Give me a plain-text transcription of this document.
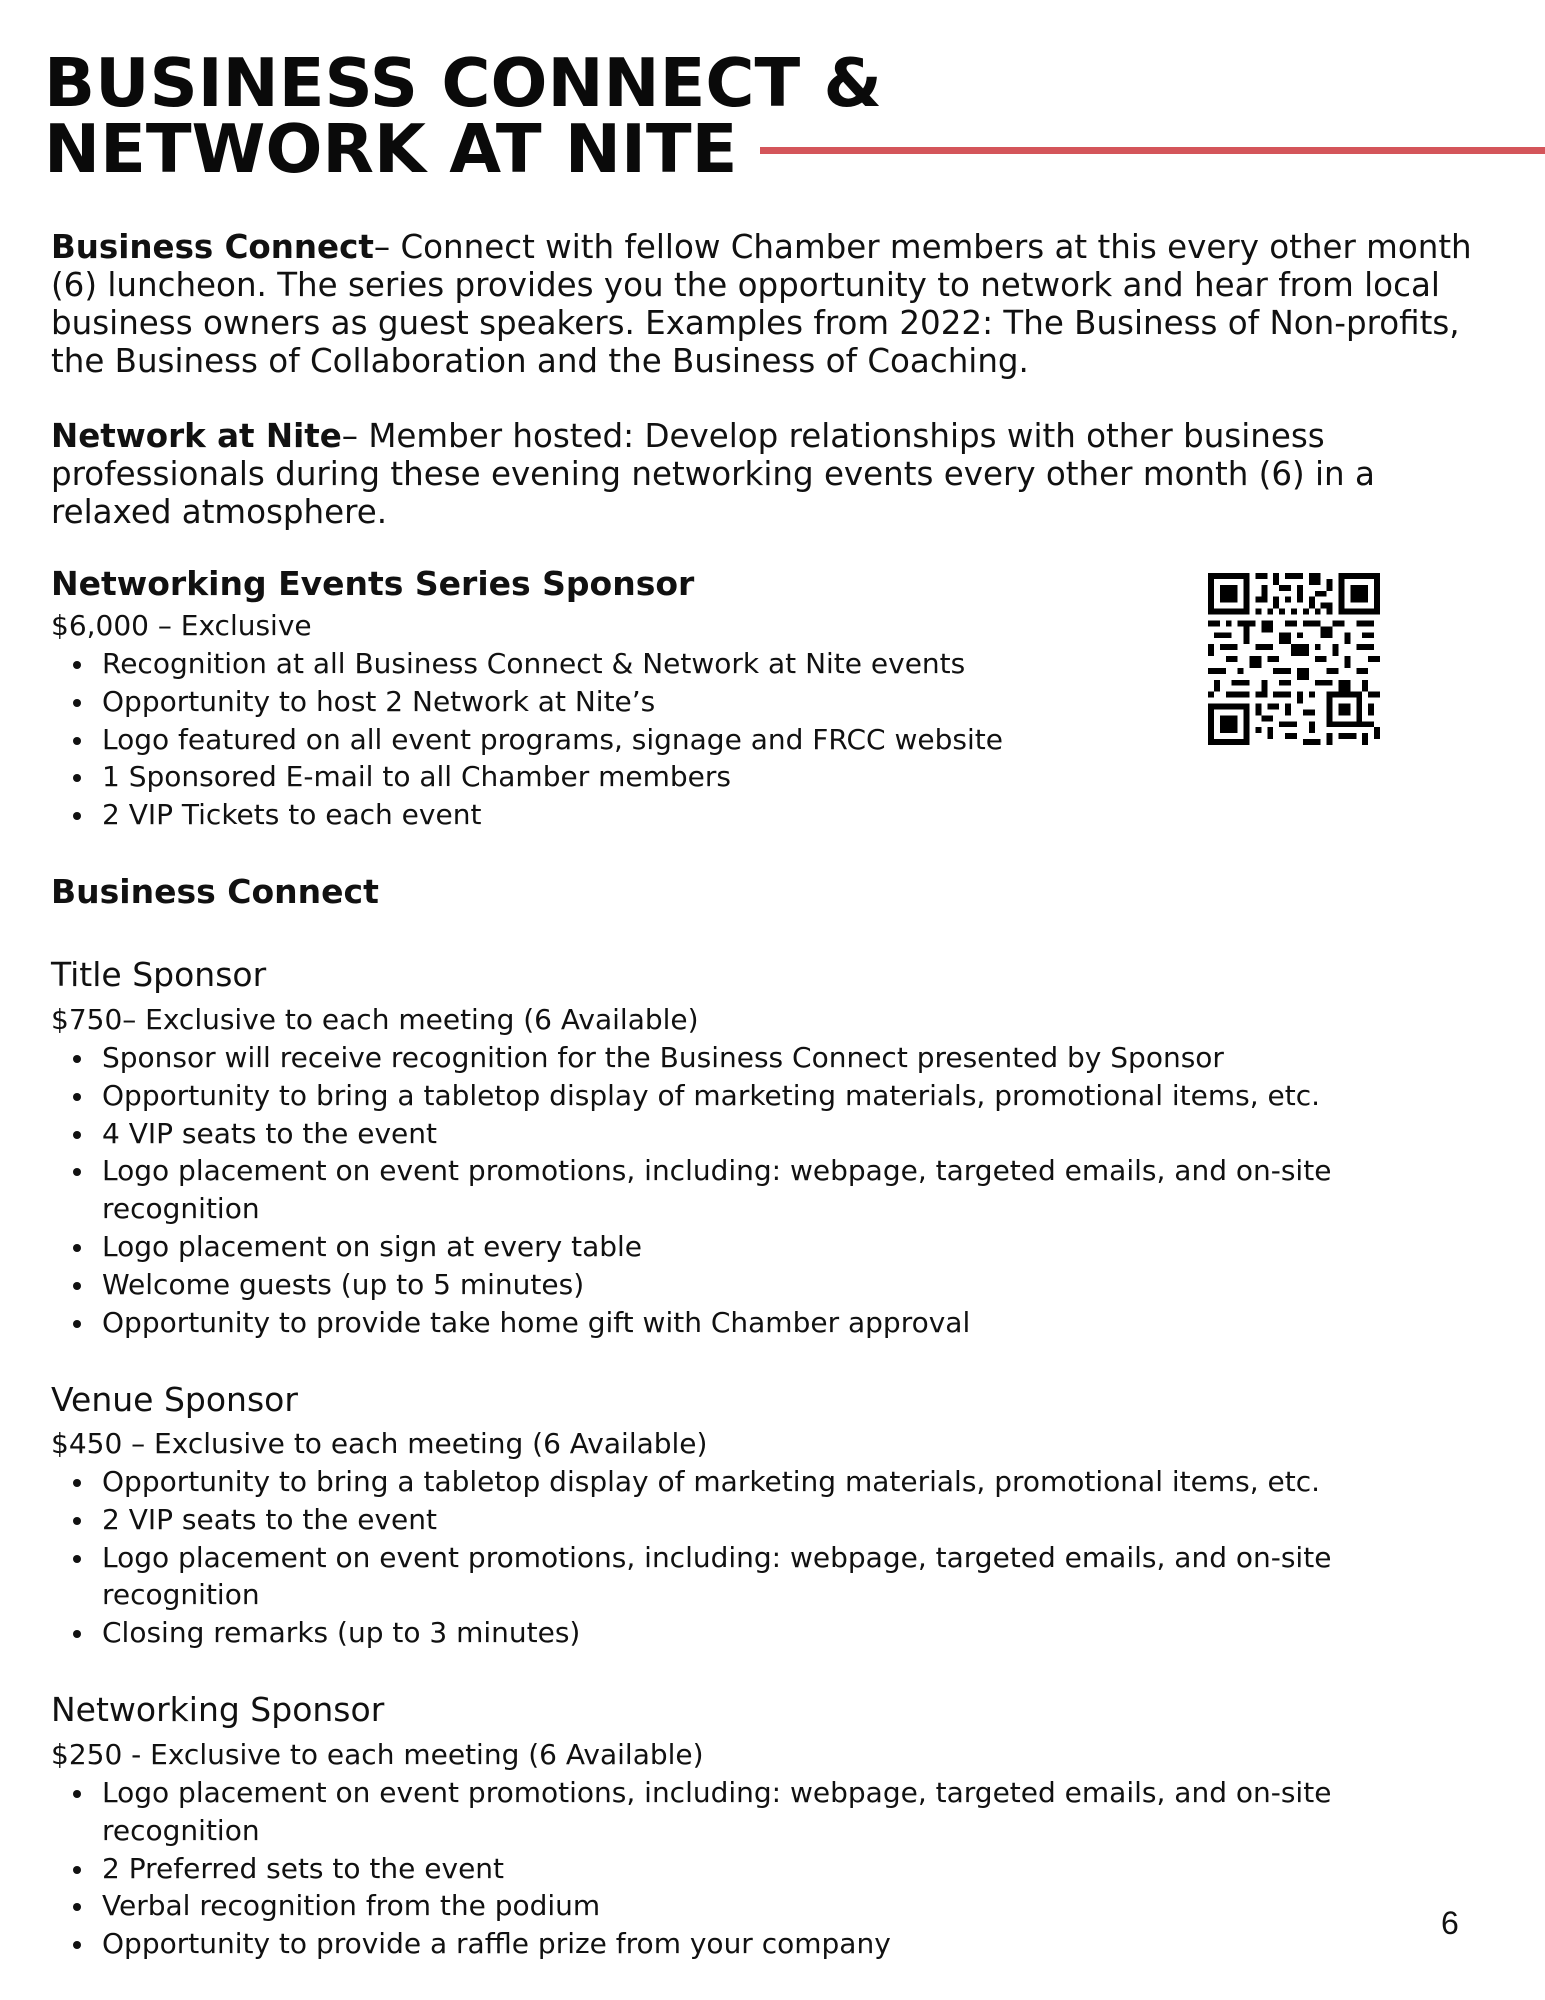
BUSINESS CONNECT &
NETWORK AT NITE

Business Connect– Connect with fellow Chamber members at this every other month (6) luncheon. The series provides you the opportunity to network and hear from local business owners as guest speakers. Examples from 2022: The Business of Non-profits, the Business of Collaboration and the Business of Coaching.

Network at Nite– Member hosted: Develop relationships with other business professionals during these evening networking events every other month (6) in a relaxed atmosphere.

Networking Events Series Sponsor

$6,000 – Exclusive

Recognition at all Business Connect & Network at Nite events
Opportunity to host 2 Network at Nite’s
Logo featured on all event programs, signage and FRCC website
1 Sponsored E-mail to all Chamber members
2 VIP Tickets to each event
Business Connect
Title Sponsor

$750– Exclusive to each meeting (6 Available)

Sponsor will receive recognition for the Business Connect presented by Sponsor
Opportunity to bring a tabletop display of marketing materials, promotional items, etc.
4 VIP seats to the event
Logo placement on event promotions, including: webpage, targeted emails, and on-site recognition
Logo placement on sign at every table
Welcome guests (up to 5 minutes)
Opportunity to provide take home gift with Chamber approval
Venue Sponsor

$450 – Exclusive to each meeting (6 Available)

Opportunity to bring a tabletop display of marketing materials, promotional items, etc.
2 VIP seats to the event
Logo placement on event promotions, including: webpage, targeted emails, and on-site recognition
Closing remarks (up to 3 minutes)
Networking Sponsor

$250 - Exclusive to each meeting (6 Available)

Logo placement on event promotions, including: webpage, targeted emails, and on-site recognition
2 Preferred sets to the event
Verbal recognition from the podium
Opportunity to provide a raffle prize from your company

6
